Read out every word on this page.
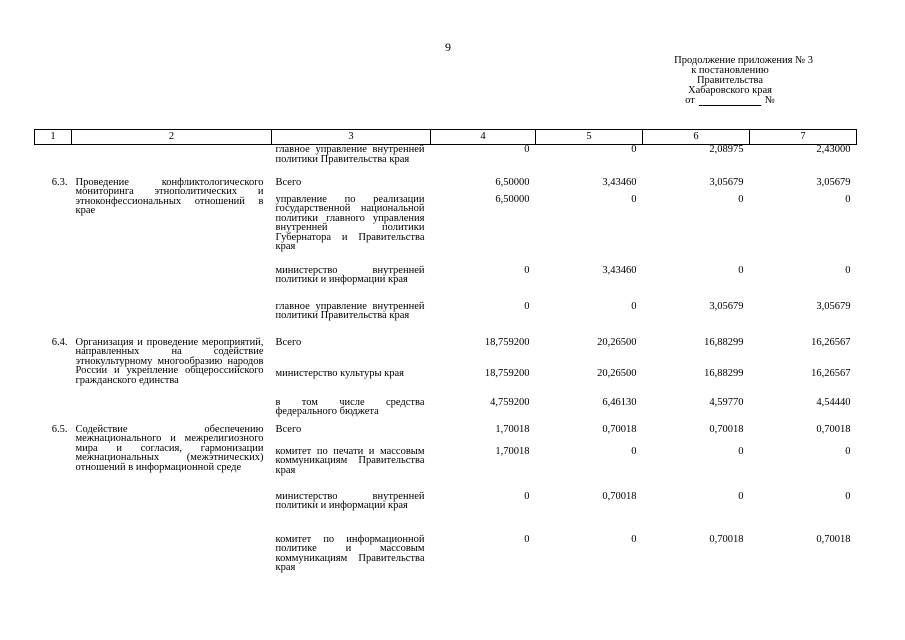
9
Продолжение приложения № 3
к постановлению
Правительства
Хабаровского края
от	№
1	2	3	4	5	6	7
		главное управление внутренней политики Правительства края	0	0	2,08975	2,43000
6.3.	Проведение конфликтологического мониторинга этнополитических и этноконфессиональных отношений в крае	Всего	6,50000	3,43460	3,05679	3,05679
		управление по реализации государственной национальной политики главного управления внутренней политики Губернатора и Правительства края	6,50000	0	0	0
		министерство внутренней политики и информации края	0	3,43460	0	0
		главное управление внутренней политики Правительства края	0	0	3,05679	3,05679
6.4.	Организация и проведение мероприятий, направленных на содействие этнокультурному многообразию народов России и укрепление общероссийского гражданского единства	Всего	18,759200	20,26500	16,88299	16,26567
		министерство культуры края	18,759200	20,26500	16,88299	16,26567
		в том числе средства федерального бюджета	4,759200	6,46130	4,59770	4,54440
6.5.	Содействие обеспечению межнационального и межрелигиозного мира и согласия, гармонизации межнациональных (межэтнических) отношений в информационной среде	Всего	1,70018	0,70018	0,70018	0,70018
		комитет по печати и массовым коммуникациям Правительства края	1,70018	0	0	0
		министерство внутренней политики и информации края	0	0,70018	0	0
		комитет по информационной политике и массовым коммуникациям Правительства края	0	0	0,70018	0,70018
